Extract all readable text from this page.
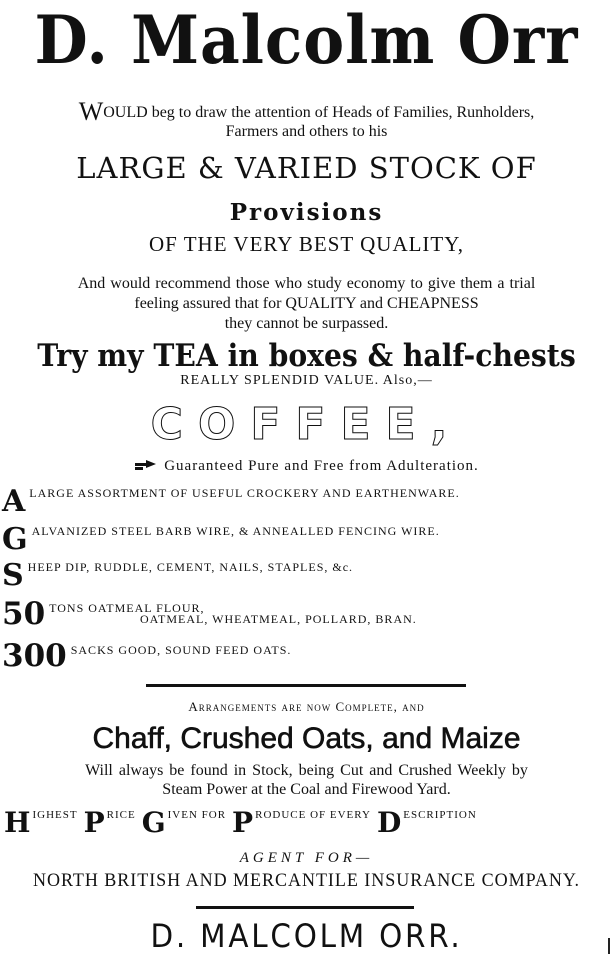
D. Malcolm Orr
WOULD beg to draw the attention of Heads of Families, Runholders,
Farmers and others to his
LARGE & VARIED STOCK OF
Provisions
OF THE VERY BEST QUALITY,
And would recommend those who study economy to give them a trial
feeling assured that for QUALITY and CHEAPNESS
they cannot be surpassed.
Try my TEA in boxes & half-chests
REALLY SPLENDID VALUE. Also,—
COFFEE,
Guaranteed Pure and Free from Adulteration.
A $^{LARGE ASSORTMENT OF USEFUL CROCKERY AND EARTHENWARE.}$
G $^{ALVANIZED STEEL BARB WIRE, \& ANNEALLED FENCING WIRE.}$
S $^{HEEP DIP, RUDDLE, CEMENT, NAILS, STAPLES, \&c.}$
50 $^{TONS OATMEAL FLOUR,}$
OATMEAL, WHEATMEAL, POLLARD, BRAN.
300 $^{SACKS GOOD, SOUND FEED OATS.}$
Arrangements are now Complete, and
Chaff, Crushed Oats, and Maize
Will always be found in Stock, being Cut and Crushed Weekly by
Steam Power at the Coal and Firewood Yard.
H $^{IGHEST}$ P $^{RICE}$ G $^{IVEN FOR}$ P $^{RODUCE OF EVERY}$ D $^{ESCRIPTION}$
AGENT FOR—
NORTH BRITISH AND MERCANTILE INSURANCE COMPANY.
D. MALCOLM ORR.
